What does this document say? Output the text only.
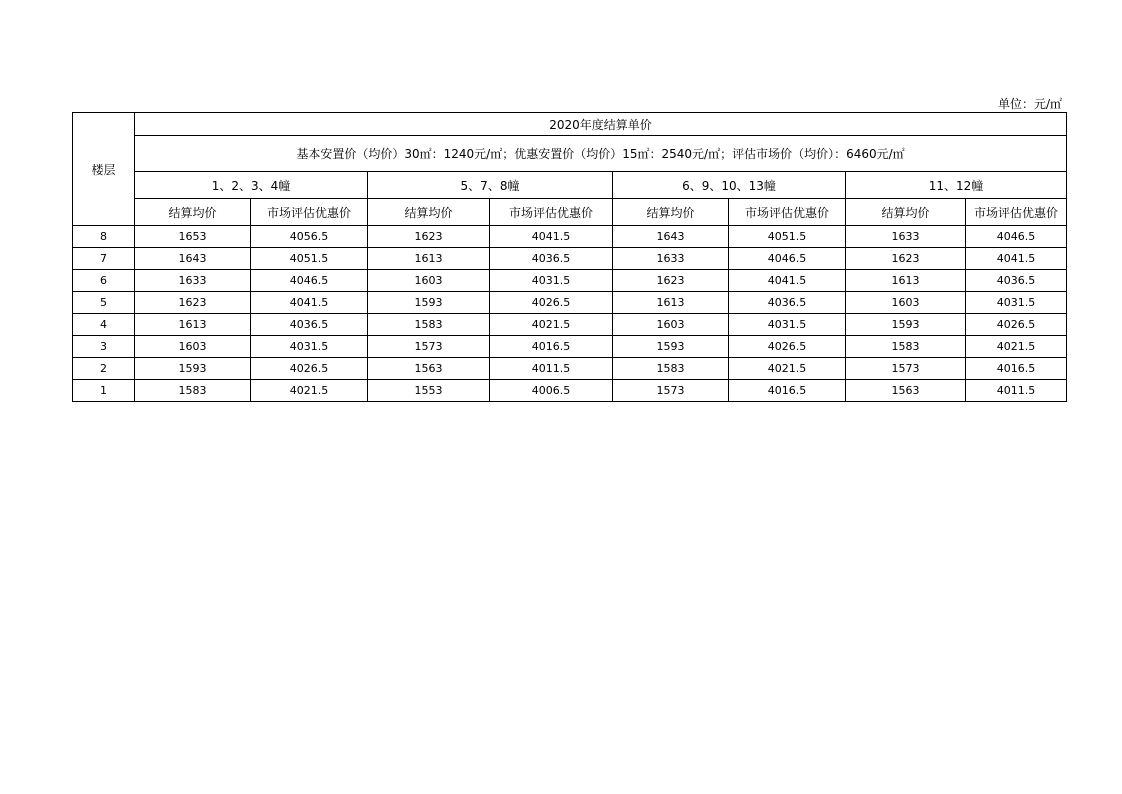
单位：元/㎡
楼层	2020年度结算单价							
	基本安置价（均价）30㎡：1240元/㎡；优惠安置价（均价）15㎡：2540元/㎡；评估市场价（均价）：6460元/㎡							
	1、2、3、4幢		5、7、8幢		6、9、10、13幢		11、12幢	
	结算均价	市场评估优惠价	结算均价	市场评估优惠价	结算均价	市场评估优惠价	结算均价	市场评估优惠价
8	1653	4056.5	1623	4041.5	1643	4051.5	1633	4046.5
7	1643	4051.5	1613	4036.5	1633	4046.5	1623	4041.5
6	1633	4046.5	1603	4031.5	1623	4041.5	1613	4036.5
5	1623	4041.5	1593	4026.5	1613	4036.5	1603	4031.5
4	1613	4036.5	1583	4021.5	1603	4031.5	1593	4026.5
3	1603	4031.5	1573	4016.5	1593	4026.5	1583	4021.5
2	1593	4026.5	1563	4011.5	1583	4021.5	1573	4016.5
1	1583	4021.5	1553	4006.5	1573	4016.5	1563	4011.5
